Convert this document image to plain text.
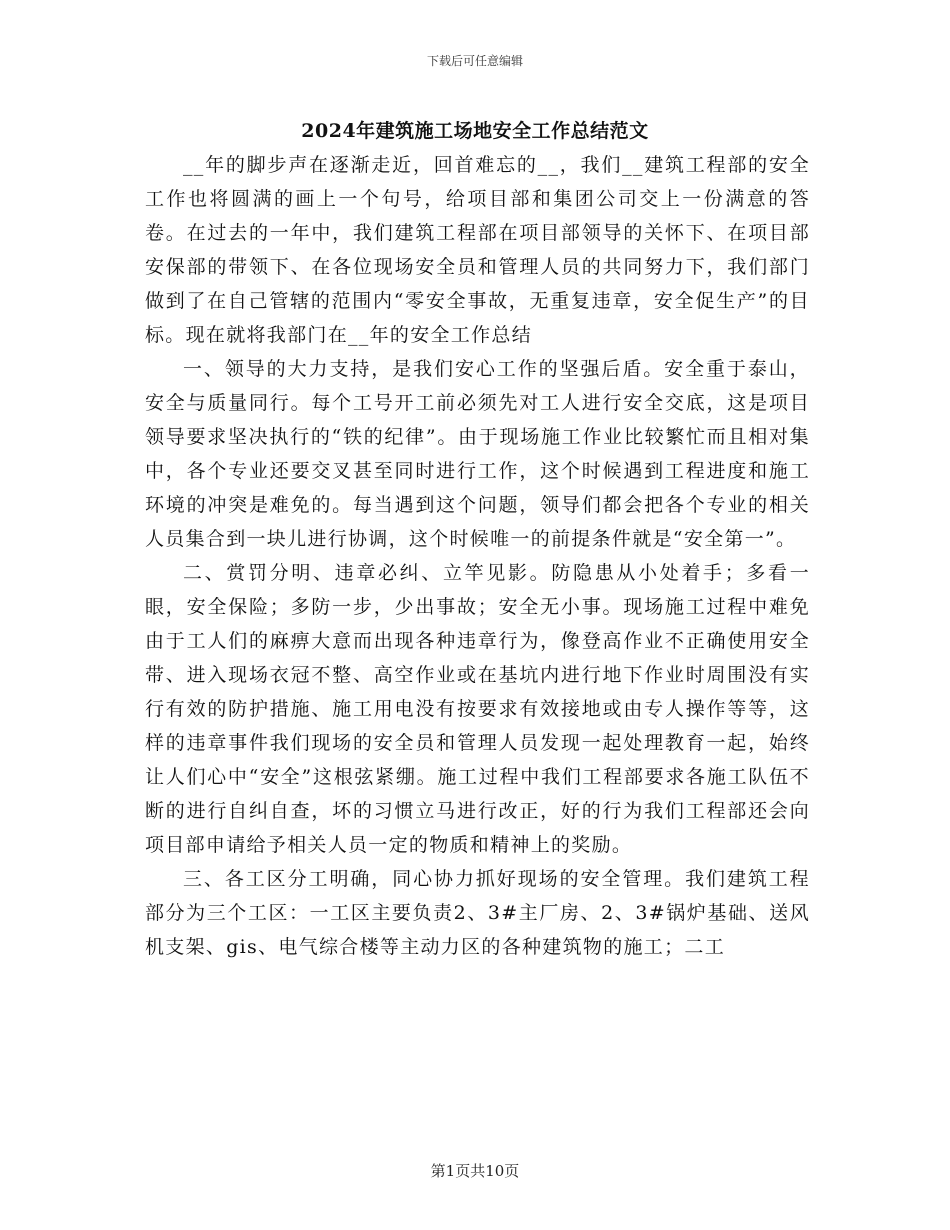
下载后可任意编辑
2024年建筑施工场地安全工作总结范文

__年的脚步声在逐渐走近，回首难忘的__，我们__建筑工程部的安全工作也将圆满的画上一个句号，给项目部和集团公司交上一份满意的答卷。在过去的一年中，我们建筑工程部在项目部领导的关怀下、在项目部安保部的带领下、在各位现场安全员和管理人员的共同努力下，我们部门做到了在自己管辖的范围内“零安全事故，无重复违章，安全促生产”的目标。现在就将我部门在__年的安全工作总结

一、领导的大力支持，是我们安心工作的坚强后盾。安全重于泰山，安全与质量同行。每个工号开工前必须先对工人进行安全交底，这是项目领导要求坚决执行的“铁的纪律”。由于现场施工作业比较繁忙而且相对集中，各个专业还要交叉甚至同时进行工作，这个时候遇到工程进度和施工环境的冲突是难免的。每当遇到这个问题，领导们都会把各个专业的相关人员集合到一块儿进行协调，这个时候唯一的前提条件就是“安全第一”。

二、赏罚分明、违章必纠、立竿见影。防隐患从小处着手；多看一眼，安全保险；多防一步，少出事故；安全无小事。现场施工过程中难免由于工人们的麻痹大意而出现各种违章行为，像登高作业不正确使用安全带、进入现场衣冠不整、高空作业或在基坑内进行地下作业时周围没有实行有效的防护措施、施工用电没有按要求有效接地或由专人操作等等，这样的违章事件我们现场的安全员和管理人员发现一起处理教育一起，始终让人们心中“安全”这根弦紧绷。施工过程中我们工程部要求各施工队伍不断的进行自纠自查，坏的习惯立马进行改正，好的行为我们工程部还会向项目部申请给予相关人员一定的物质和精神上的奖励。

三、各工区分工明确，同心协力抓好现场的安全管理。我们建筑工程部分为三个工区：一工区主要负责2、3#主厂房、2、3#锅炉基础、送风机支架、gis、电气综合楼等主动力区的各种建筑物的施工；二工

第1页共10页
